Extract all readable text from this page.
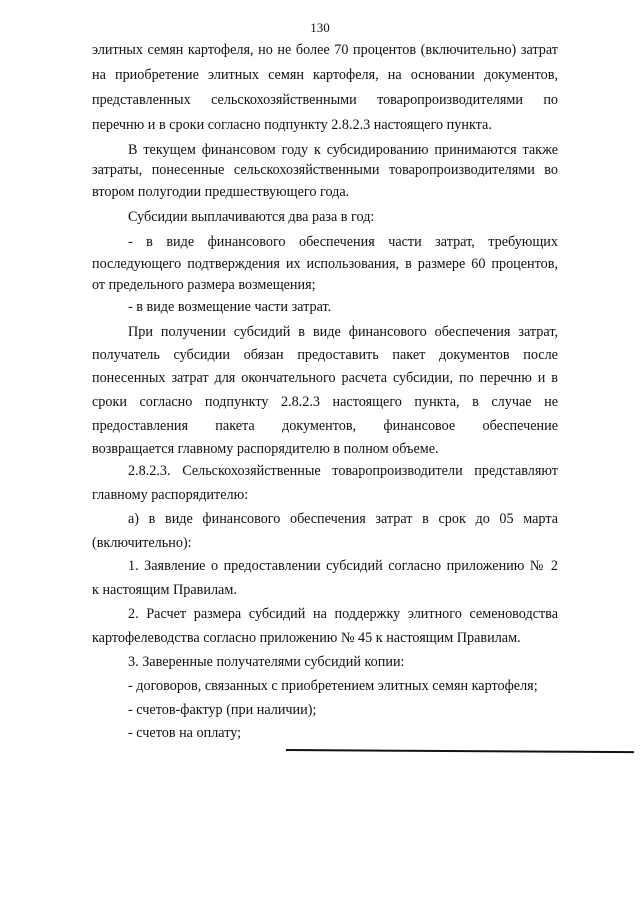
130
элитных семян картофеля, но не более 70 процентов (включительно) затрат
на приобретение элитных семян картофеля, на основании документов,
представленных сельскохозяйственными товаропроизводителями по
перечню и в сроки согласно подпункту 2.8.2.3 настоящего пункта.
В текущем финансовом году к субсидированию принимаются также
затраты, понесенные сельскохозяйственными товаропроизводителями во
втором полугодии предшествующего года.
Субсидии выплачиваются два раза в год:
- в виде финансового обеспечения части затрат, требующих
последующего подтверждения их использования, в размере 60 процентов,
от предельного размера возмещения;
- в виде возмещение части затрат.
При получении субсидий в виде финансового обеспечения затрат,
получатель субсидии обязан предоставить пакет документов после
понесенных затрат для окончательного расчета субсидии, по перечню и в
сроки согласно подпункту 2.8.2.3 настоящего пункта, в случае не
предоставления пакета документов, финансовое обеспечение
возвращается главному распорядителю в полном объеме.
2.8.2.3. Сельскохозяйственные товаропроизводители представляют
главному распорядителю:
а) в виде финансового обеспечения затрат в срок до 05 марта
(включительно):
1. Заявление о предоставлении субсидий согласно приложению № 2
к настоящим Правилам.
2. Расчет размера субсидий на поддержку элитного семеноводства
картофелеводства согласно приложению № 45 к настоящим Правилам.
3. Заверенные получателями субсидий копии:
- договоров, связанных с приобретением элитных семян картофеля;
- счетов-фактур (при наличии);
- счетов на оплату;
